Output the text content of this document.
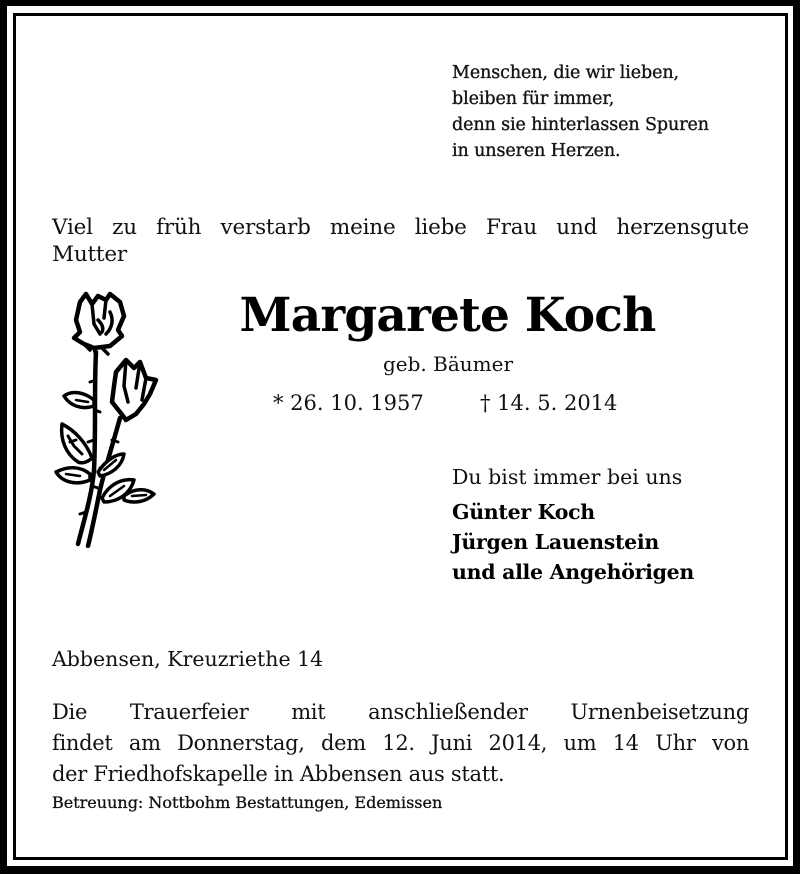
Menschen, die wir lieben,
bleiben für immer,
denn sie hinterlassen Spuren
in unseren Herzen.
Viel zu früh verstarb meine liebe Frau und herzensgute
Mutter
Margarete Koch
geb. Bäumer
* 26. 10. 1957	† 14. 5. 2014
Du bist immer bei uns
Günter Koch
Jürgen Lauenstein
und alle Angehörigen
Abbensen, Kreuzriethe 14
Die Trauerfeier mit anschließender Urnenbeisetzung
findet am Donnerstag, dem 12. Juni 2014, um 14 Uhr von
der Friedhofskapelle in Abbensen aus statt.
Betreuung: Nottbohm Bestattungen, Edemissen
